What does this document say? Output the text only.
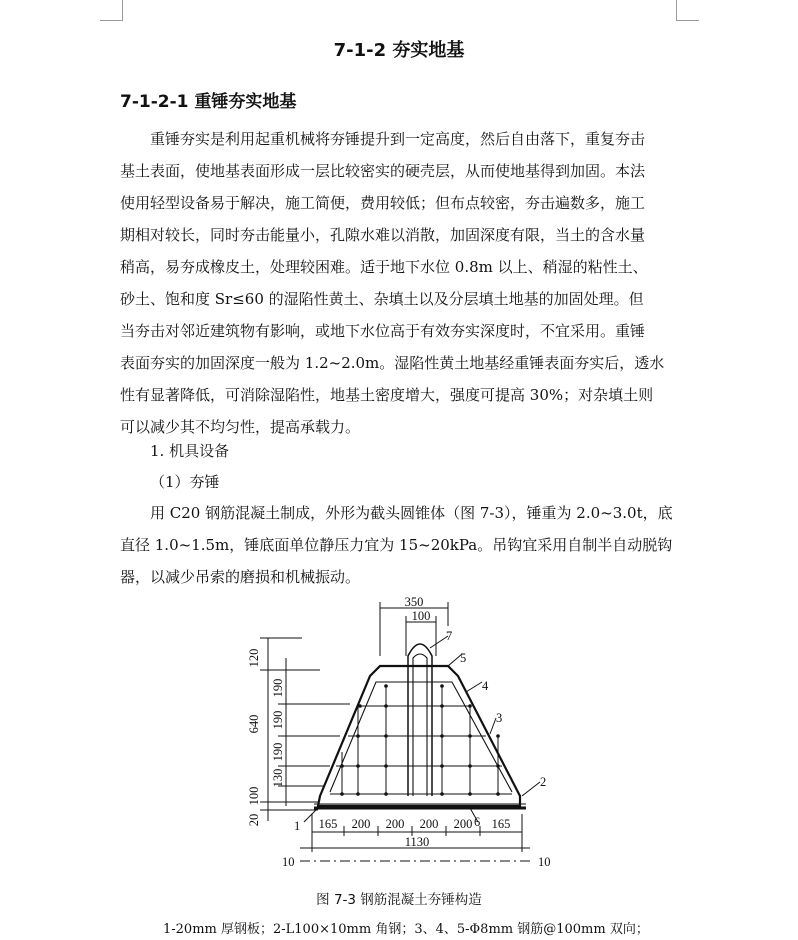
7-1-2 夯实地基
7-1-2-1 重锤夯实地基
重锤夯实是利用起重机械将夯锤提升到一定高度，然后自由落下，重复夯击
基土表面，使地基表面形成一层比较密实的硬壳层，从而使地基得到加固。本法
使用轻型设备易于解决，施工简便，费用较低；但布点较密，夯击遍数多，施工
期相对较长，同时夯击能量小，孔隙水难以消散，加固深度有限，当土的含水量
稍高，易夯成橡皮土，处理较困难。适于地下水位 0.8m 以上、稍湿的粘性土、
砂土、饱和度 Sr≤60 的湿陷性黄土、杂填土以及分层填土地基的加固处理。但
当夯击对邻近建筑物有影响，或地下水位高于有效夯实深度时，不宜采用。重锤
表面夯实的加固深度一般为 1.2~2.0m。湿陷性黄土地基经重锤表面夯实后，透水
性有显著降低，可消除湿陷性，地基土密度增大，强度可提高 30%；对杂填土则
可以减少其不均匀性，提高承载力。
1. 机具设备
（1）夯锤
用 C20 钢筋混凝土制成，外形为截头圆锥体（图 7-3），锤重为 2.0~3.0t，底
直径 1.0~1.5m，锤底面单位静压力宜为 15~20kPa。吊钩宜采用自制半自动脱钩
器，以减少吊索的磨损和机械振动。
350
100
120
640
190
190
190
130
100
20	165 200 200 200 200 165
1130
10	10
1
2
3
4
5
6
7
图 7-3 钢筋混凝土夯锤构造
1-20mm 厚钢板；2-L100×10mm 角钢；3、4、5-Φ8mm 钢筋@100mm 双向；
